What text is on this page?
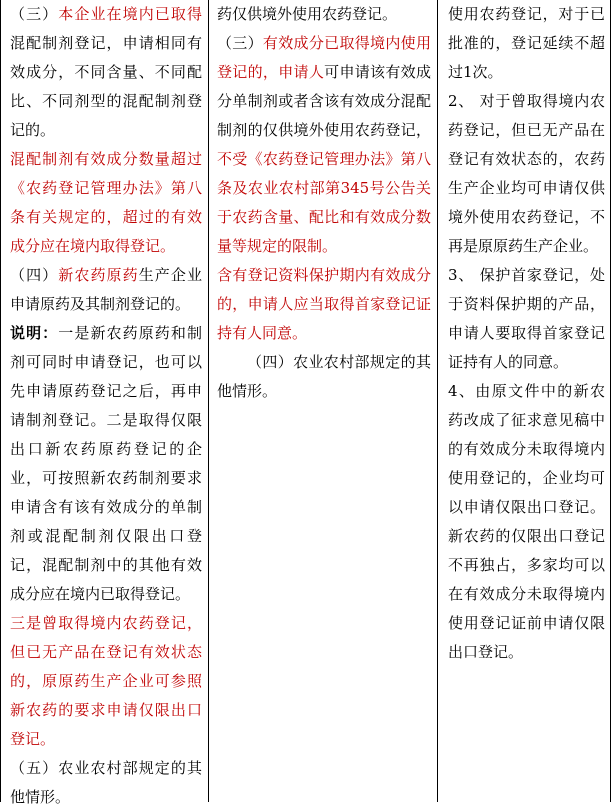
（三）本企业在境内已取得混配制剂登记，申请相同有效成分，不同含量、不同配比、不同剂型的混配制剂登记的。

混配制剂有效成分数量超过《农药登记管理办法》第八条有关规定的，超过的有效成分应在境内取得登记。

（四）新农药原药生产企业申请原药及其制剂登记的。

说明：一是新农药原药和制剂可同时申请登记，也可以先申请原药登记之后，再申请制剂登记。二是取得仅限出口新农药原药登记的企业，可按照新农药制剂要求申请含有该有效成分的单制剂或混配制剂仅限出口登记，混配制剂中的其他有效成分应在境内已取得登记。

三是曾取得境内农药登记，但已无产品在登记有效状态的，原原药生产企业可参照新农药的要求申请仅限出口登记。

（五）农业农村部规定的其他情形。

药仅供境外使用农药登记。

（三）有效成分已取得境内使用登记的，申请人可申请该有效成分单制剂或者含该有效成分混配制剂的仅供境外使用农药登记，不受《农药登记管理办法》第八条及农业农村部第345号公告关于农药含量、配比和有效成分数量等规定的限制。

含有登记资料保护期内有效成分的，申请人应当取得首家登记证持有人同意。

（四）农业农村部规定的其他情形。

使用农药登记，对于已批准的，登记延续不超过1次。

2、 对于曾取得境内农药登记，但已无产品在登记有效状态的，农药生产企业均可申请仅供境外使用农药登记，不再是原原药生产企业。

3、 保护首家登记，处于资料保护期的产品，申请人要取得首家登记证持有人的同意。

4、由原文件中的新农药改成了征求意见稿中的有效成分未取得境内使用登记的，企业均可以申请仅限出口登记。新农药的仅限出口登记不再独占，多家均可以在有效成分未取得境内使用登记证前申请仅限出口登记。
